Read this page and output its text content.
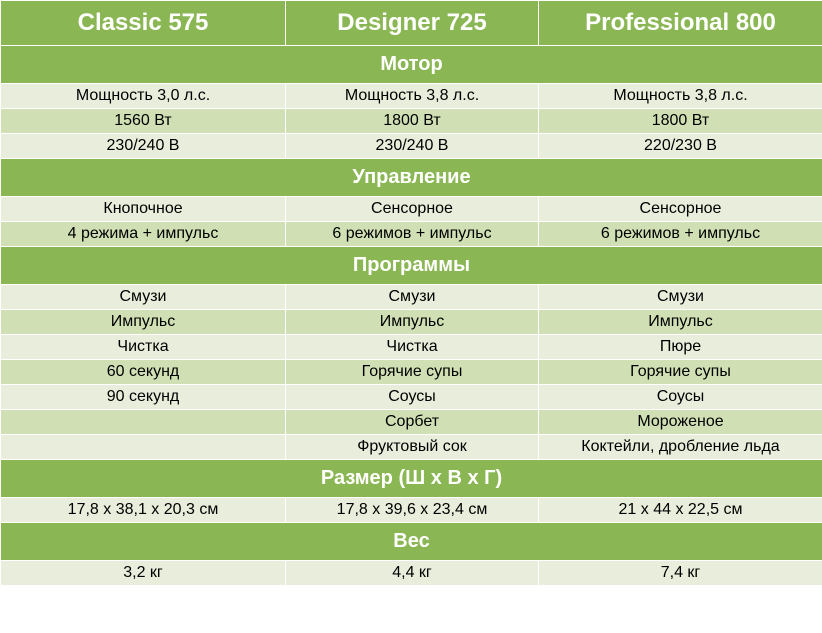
Classic 575	Designer 725	Professional 800
Мотор		
Мощность 3,0 л.с.	Мощность 3,8 л.с.	Мощность 3,8 л.с.
1560 Вт	1800 Вт	1800 Вт
230/240 В	230/240 В	220/230 В
Управление		
Кнопочное	Сенсорное	Сенсорное
4 режима + импульс	6 режимов + импульс	6 режимов + импульс
Программы		
Смузи	Смузи	Смузи
Импульс	Импульс	Импульс
Чистка	Чистка	Пюре
60 секунд	Горячие супы	Горячие супы
90 секунд	Соусы	Соусы
	Сорбет	Мороженое
	Фруктовый сок	Коктейли, дробление льда
Размер (Ш х В х Г)		
17,8 х 38,1 х 20,3 см	17,8 х 39,6 х 23,4 см	21 х 44 х 22,5 см
Вес		
3,2 кг	4,4 кг	7,4 кг
